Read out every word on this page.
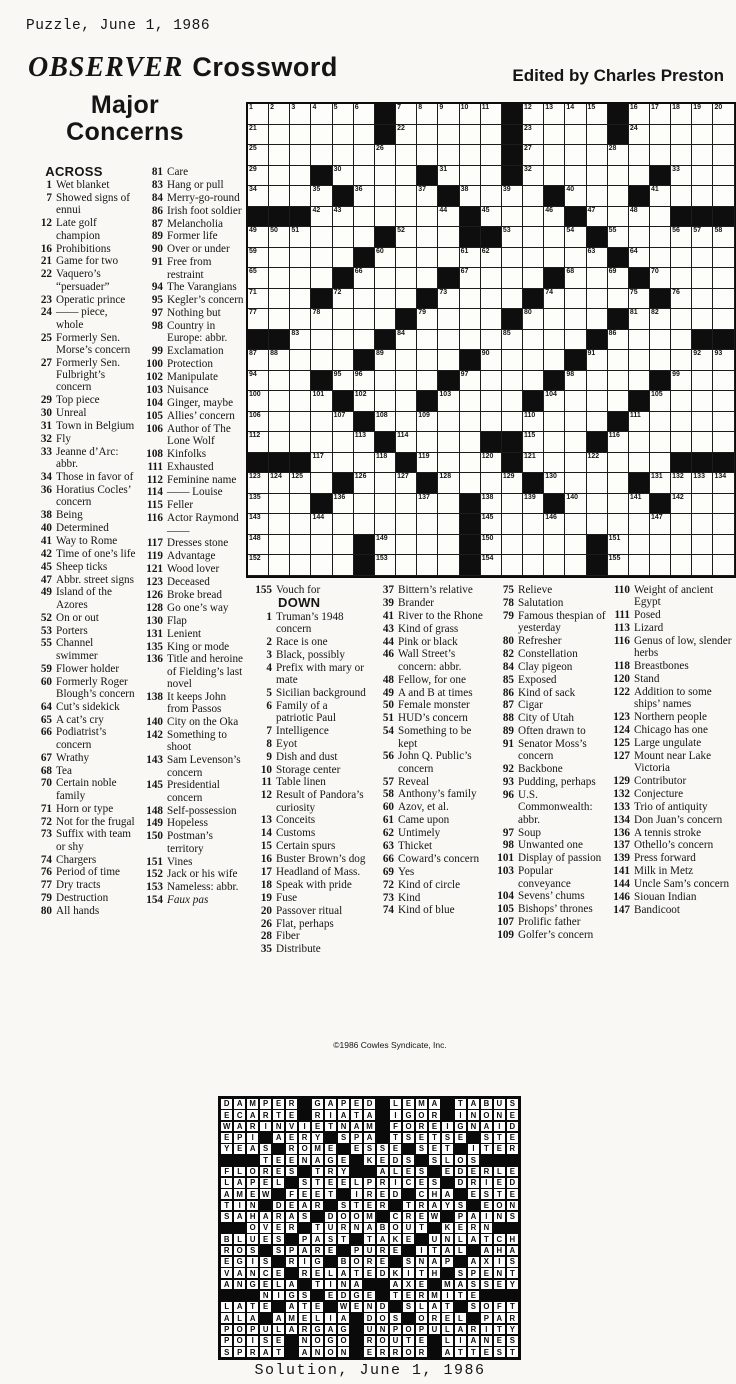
Puzzle, June 1, 1986
OBSERVER Crossword	Edited by Charles Preston
Major
Concerns
1 2 3 4 5 6	7 8 9 10 11	12 13 14 15	16 17 18 19 20
21	22	23	24
25	26	27	28
29	30	31	32	33
34	35	36	37	38	39	40	41
42 43	44	45	46	47	48
49 50 51	52	53	54	55	56 57 58
59	60	61 62	63	64
65	66	67	68	69	70
71	72	73	74	75	76
77	78	79	80	81 82
83	84	85	86
87 88	89	90	91	92 93
94	95 96	97	98	99
100	101	102	103	104	105
106	107	108	109	110	111
112	113	114	115	116
117	118	119	120	121	122
123 124 125	126	127	128	129	130	131 132 133 134
135	136	137	138	139	140	141	142
143	144	145	146	147
148	149	150	151
152	153	154	155
ACROSS
1 Wet blanket
7 Showed signs of ennui
12 Late golf champion
16 Prohibitions
21 Game for two
22 Vaquero’s “persuader”
23 Operatic prince
24 —— piece, whole
25 Formerly Sen. Morse’s concern
27 Formerly Sen. Fulbright’s concern
29 Top piece
30 Unreal
31 Town in Belgium
32 Fly
33 Jeanne d’Arc: abbr.
34 Those in favor of
36 Horatius Cocles’ concern
38 Being
40 Determined
41 Way to Rome
42 Time of one’s life
45 Sheep ticks
47 Abbr. street signs
49 Island of the Azores
52 On or out
53 Porters
55 Channel swimmer
59 Flower holder
60 Formerly Roger Blough’s concern
64 Cut’s sidekick
65 A cat’s cry
66 Podiatrist’s concern
67 Wrathy
68 Tea
70 Certain noble family
71 Horn or type
72 Not for the frugal
73 Suffix with team or shy
74 Chargers
76 Period of time
77 Dry tracts
79 Destruction
80 All hands
81 Care
83 Hang or pull
84 Merry-go-round
86 Irish foot soldier
87 Melancholia
89 Former life
90 Over or under
91 Free from restraint
94 The Varangians
95 Kegler’s concern
97 Nothing but
98 Country in Europe: abbr.
99 Exclamation
100 Protection
102 Manipulate
103 Nuisance
104 Ginger, maybe
105 Allies’ concern
106 Author of The Lone Wolf
108 Kinfolks
111 Exhausted
112 Feminine name
114 —— Louise
115 Feller
116 Actor Raymond ——
117 Dresses stone
119 Advantage
121 Wood lover
123 Deceased
126 Broke bread
128 Go one’s way
130 Flap
131 Lenient
135 King or mode
136 Title and heroine of Fielding’s last novel
138 It keeps John from Passos
140 City on the Oka
142 Something to shoot
143 Sam Levenson’s concern
145 Presidential concern
148 Self-possession
149 Hopeless
150 Postman’s territory
151 Vines
152 Jack or his wife
153 Nameless: abbr.
154 Faux pas
155 Vouch for
DOWN
1 Truman’s 1948 concern
2 Race is one
3 Black, possibly
4 Prefix with mary or mate
5 Sicilian background
6 Family of a patriotic Paul
7 Intelligence
8 Eyot
9 Dish and dust
10 Storage center
11 Table linen
12 Result of Pandora’s curiosity
13 Conceits
14 Customs
15 Certain spurs
16 Buster Brown’s dog
17 Headland of Mass.
18 Speak with pride
19 Fuse
20 Passover ritual
26 Flat, perhaps
28 Fiber
35 Distribute
37 Bittern’s relative
39 Brander
41 River to the Rhone
43 Kind of grass
44 Pink or black
46 Wall Street’s concern: abbr.
48 Fellow, for one
49 A and B at times
50 Female monster
51 HUD’s concern
54 Something to be kept
56 John Q. Public’s concern
57 Reveal
58 Anthony’s family
60 Azov, et al.
61 Came upon
62 Untimely
63 Thicket
66 Coward’s concern
69 Yes
72 Kind of circle
73 Kind
74 Kind of blue
75 Relieve
78 Salutation
79 Famous thespian of yesterday
80 Refresher
82 Constellation
84 Clay pigeon
85 Exposed
86 Kind of sack
87 Cigar
88 City of Utah
89 Often drawn to
91 Senator Moss’s concern
92 Backbone
93 Pudding, perhaps
96 U.S. Commonwealth: abbr.
97 Soup
98 Unwanted one
101 Display of passion
103 Popular conveyance
104 Sevens’ chums
105 Bishops’ thrones
107 Prolific father
109 Golfer’s concern
110 Weight of ancient Egypt
111 Posed
113 Lizard
116 Genus of low, slender herbs
118 Breastbones
120 Stand
122 Addition to some ships’ names
123 Northern people
124 Chicago has one
125 Large ungulate
127 Mount near Lake Victoria
129 Contributor
132 Conjecture
133 Trio of antiquity
134 Don Juan’s concern
136 A tennis stroke
137 Othello’s concern
139 Press forward
141 Milk in Metz
144 Uncle Sam’s concern
146 Siouan Indian
147 Bandicoot
©1986 Cowles Syndicate, Inc.
D A M P E R	G A P E D	L	E M A	T A B U S
E C A R T	E	R	I	A T A	I	G O R	I	N O N E
W A R	I	N V	I	E	T N A M	F O R E	I	G N A	I	D
E P	I	A E R Y	S P A	T	S E	T	S E	S	T	E
Y E A S	R O M E	E S S E	S E	T	I	T	E R
T	E E N A G E	K E D S	S	L O S
F	L O R E S	T R Y	A L	E S	E D E R L	E
L A P E	L	S	T	E E	L	P R	I	C E S	D R	I	E D
A M E W	F	E E	T	I	R E D	C H A	E S	T	E
T	I	N	D E A R	S	T	E R	T R A Y S	E O N
S A H A R A S	D O O M	C R E W	P A	I	N S
O V E R	T U R N A B O U T	K E R N
B L U E S	P A S	T	T A K E	U N L A T C H
R O S	S P A R E	P U R E	I	T A L	A H A
E G	I	S	R	I	G	B O R E	S N A P	A X	I	S
V A N C E	R E	L A T	E D K	I	T H	S P E N T
A N G E	L A	T	I	N A	A X E	M A S S E Y
N	I	G S	E D G E	T	E R M	I	T	E
L A T	E	A T	E	W E N D	S	L A T	S O F	T
A L A	A M E	L	I	A	D O S	O R E	L	P A R
P O P U L A R G A G	U N P O P U L A R	I	T	Y
P O	I	S E	N O G O	R O U T	E	L	I	A N E S
S P R A T	A N O N	E R R O R	A T	T	E S	T
Solution, June 1, 1986
